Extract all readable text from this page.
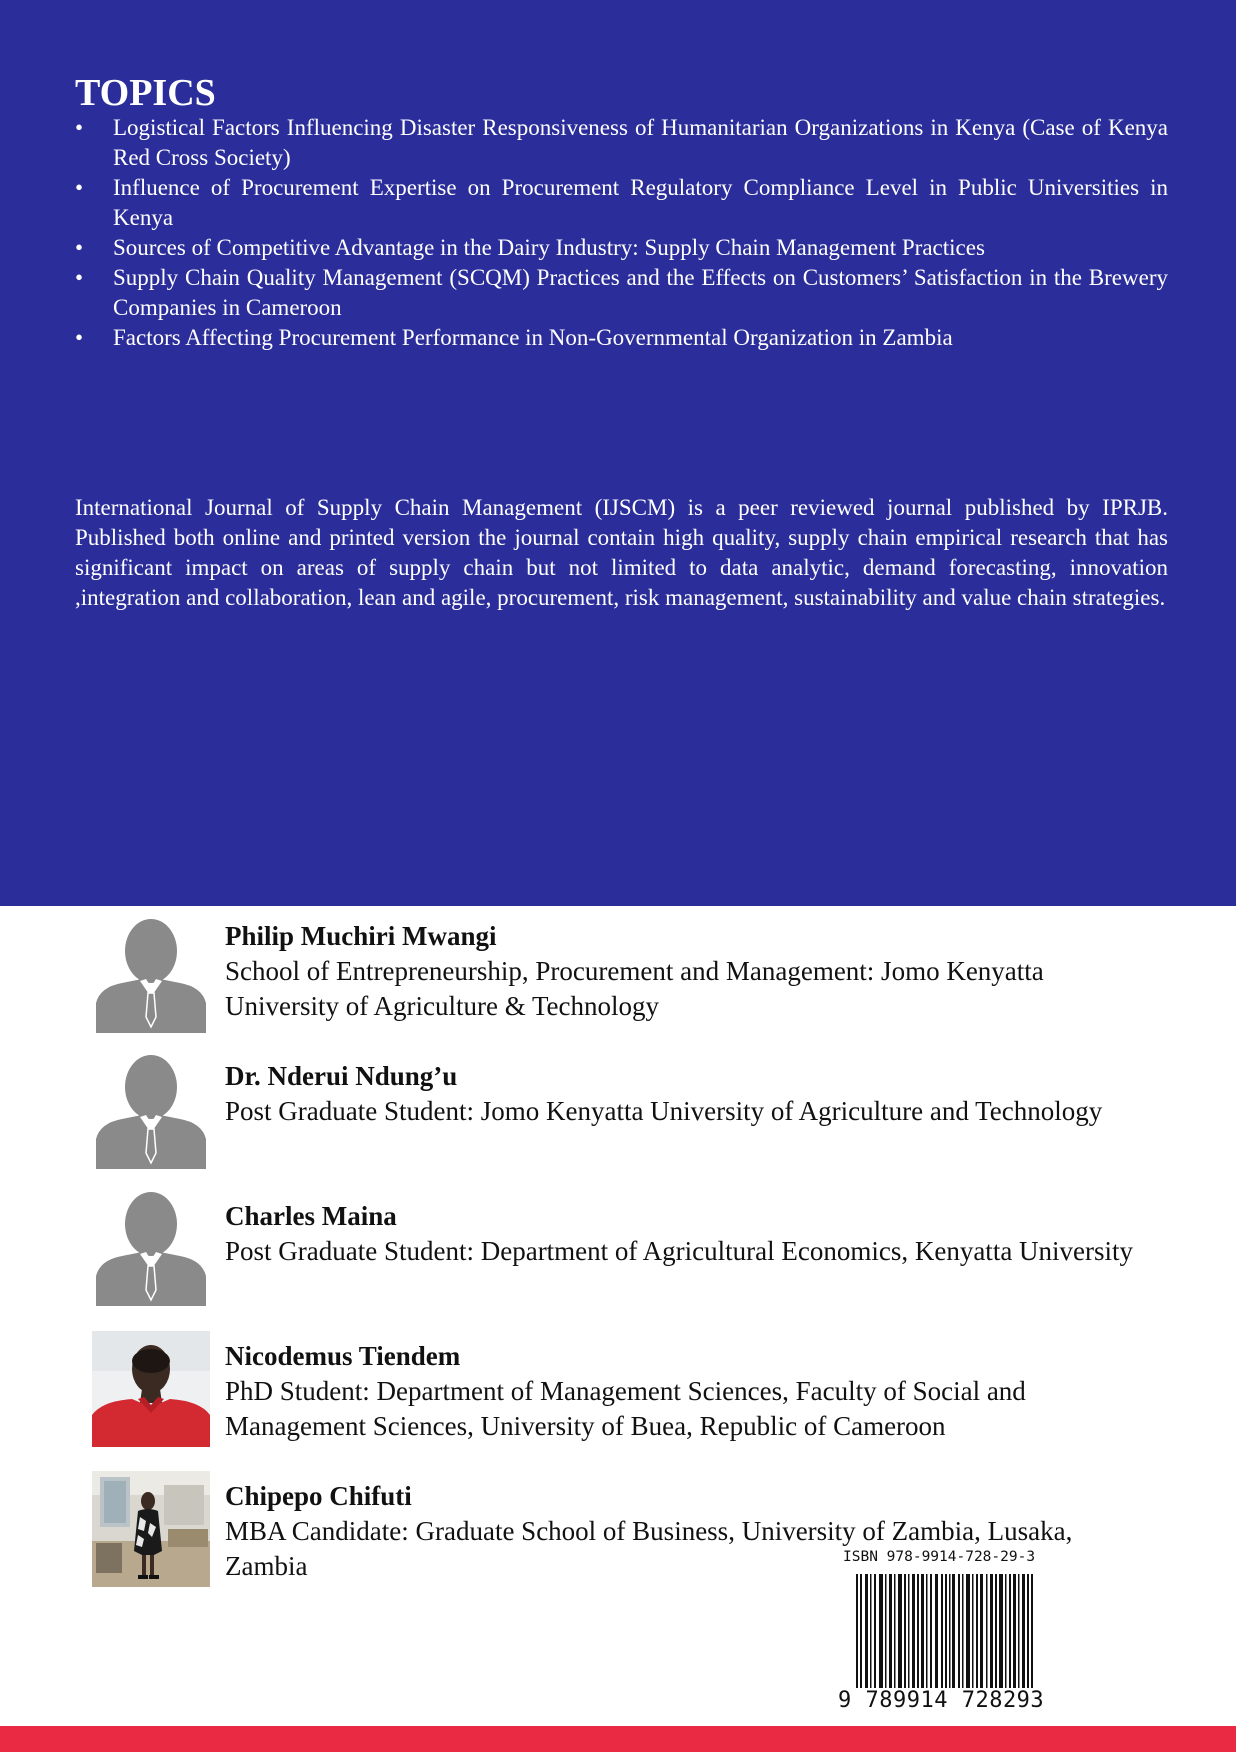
TOPICS
•	Logistical Factors Influencing Disaster Responsiveness of Humanitarian Organizations in Kenya (Case of Kenya Red Cross Society)
•	Influence of Procurement Expertise on Procurement Regulatory Compliance Level in Public Universities in Kenya
•	Sources of Competitive Advantage in the Dairy Industry: Supply Chain Management Practices
•	Supply Chain Quality Management (SCQM) Practices and the Effects on Customers’ Satisfaction in the Brewery Companies in Cameroon
•	Factors Affecting Procurement Performance in Non-Governmental Organization in Zambia

International Journal of Supply Chain Management (IJSCM) is a peer reviewed journal published by IPRJB. Published both online and printed version the journal contain high quality, supply chain empirical research that has significant impact on areas of supply chain but not limited to data analytic, demand forecasting, innovation ,integration and collaboration, lean and agile, procurement, risk management, sustainability and value chain strategies.

Philip Muchiri Mwangi

School of Entrepreneurship, Procurement and Management: Jomo Kenyatta University of Agriculture & Technology

Dr. Nderui Ndung’u

Post Graduate Student: Jomo Kenyatta University of Agriculture and Technology

Charles Maina

Post Graduate Student: Department of Agricultural Economics, Kenyatta University

Nicodemus Tiendem

PhD Student: Department of Management Sciences, Faculty of Social and Management Sciences, University of Buea, Republic of Cameroon

Chipepo Chifuti

MBA Candidate: Graduate School of Business, University of Zambia, Lusaka, Zambia	ISBN 978-9914-728-29-3

9 789914 728293
